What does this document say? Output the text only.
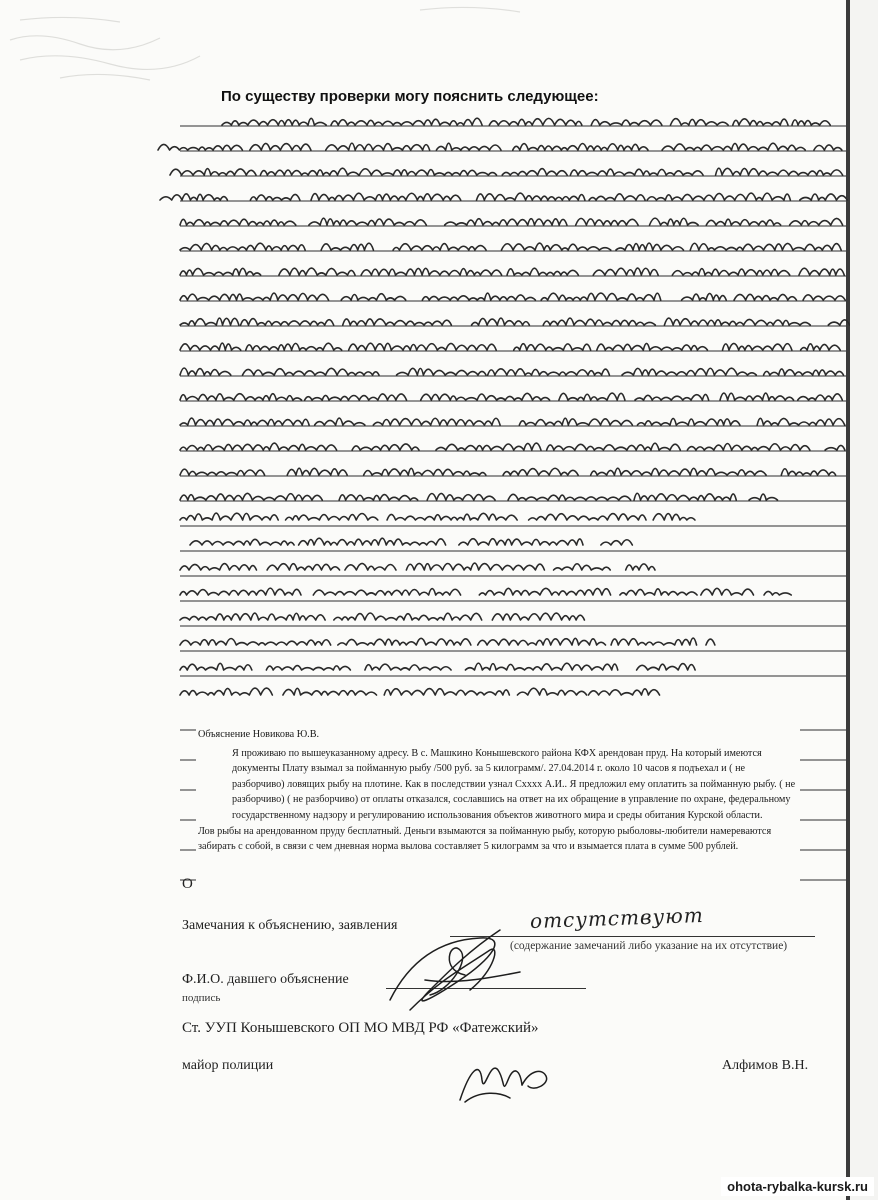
По существу проверки могу пояснить следующее:

Объяснение Новикова Ю.В.

Я проживаю по вышеуказанному адресу. В с. Машкино Конышевского района КФХ арендован пруд. На который имеются документы Плату взымал за пойманную рыбу /500 руб. за 5 килограмм/. 27.04.2014 г. около 10 часов я подъехал и ( не разборчиво) ловящих рыбу на плотине. Как в последствии узнал Сxxxx А.И.. Я предложил ему оплатить за пойманную рыбу. ( не разборчиво) ( не разборчиво) от оплаты отказался, сославшись на ответ на их обращение в управление по охране, федеральному государственному надзору и регулированию использования объектов животного мира и среды обитания Курской области.

Лов рыбы на арендованном пруду бесплатный. Деньги взымаются за пойманную рыбу, которую рыболовы-любители намереваются забирать с собой, в связи с чем дневная норма вылова составляет 5 килограмм за что и взымается плата в сумме 500 рублей.

О
Замечания к объяснению, заявления	отсутствуют
(содержание замечаний либо указание на их отсутствие)
Ф.И.О. давшего объяснение
подпись
Ст. УУП Конышевского ОП МО МВД РФ «Фатежский»
майор полиции	Алфимов В.Н.
ohota-rybalka-kursk.ru
